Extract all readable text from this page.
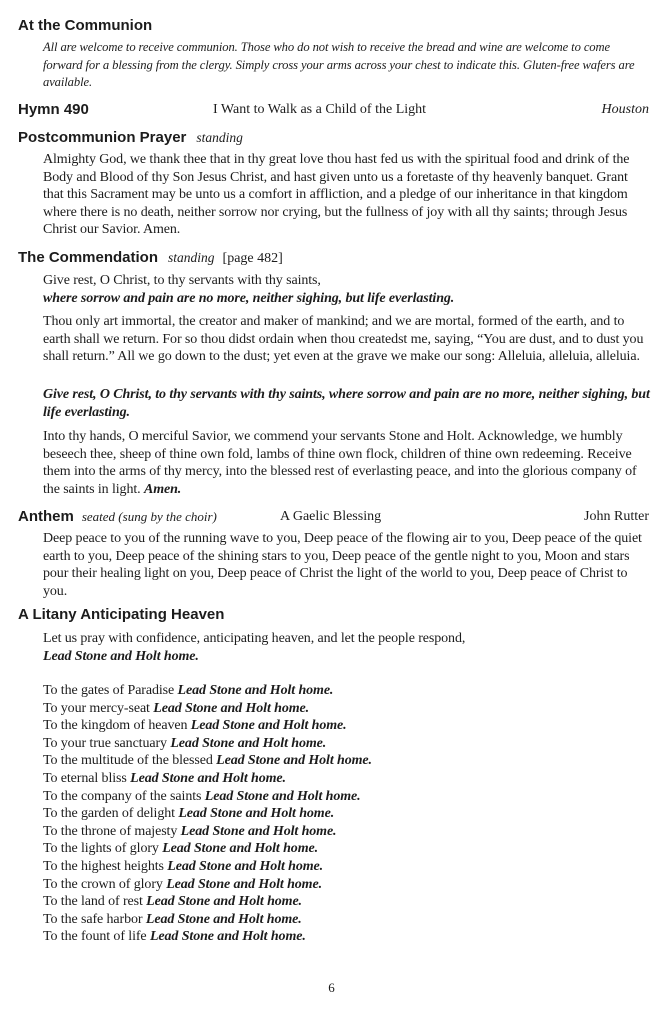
At the Communion
All are welcome to receive communion. Those who do not wish to receive the bread and wine are welcome to come forward for a blessing from the clergy. Simply cross your arms across your chest to indicate this. Gluten-free wafers are available.
Hymn 490	I Want to Walk as a Child of the Light	Houston
Postcommunion Prayer standing
Almighty God, we thank thee that in thy great love thou hast fed us with the spiritual food and drink of the Body and Blood of thy Son Jesus Christ, and hast given unto us a foretaste of thy heavenly banquet. Grant that this Sacrament may be unto us a comfort in affliction, and a pledge of our inheritance in that kingdom where there is no death, neither sorrow nor crying, but the fullness of joy with all thy saints; through Jesus Christ our Savior. Amen.
The Commendation standing [page 482]
Give rest, O Christ, to thy servants with thy saints,
where sorrow and pain are no more, neither sighing, but life everlasting.
Thou only art immortal, the creator and maker of mankind; and we are mortal, formed of the earth, and to earth shall we return. For so thou didst ordain when thou createdst me, saying, “You are dust, and to dust you shall return.” All we go down to the dust; yet even at the grave we make our song: Alleluia, alleluia, alleluia.
Give rest, O Christ, to thy servants with thy saints, where sorrow and pain are no more, neither sighing, but life everlasting.
Into thy hands, O merciful Savior, we commend your servants Stone and Holt. Acknowledge, we humbly beseech thee, sheep of thine own fold, lambs of thine own flock, children of thine own redeeming. Receive them into the arms of thy mercy, into the blessed rest of everlasting peace, and into the glorious company of the saints in light. Amen.
Anthem seated (sung by the choir)	A Gaelic Blessing	John Rutter
Deep peace to you of the running wave to you, Deep peace of the flowing air to you, Deep peace of the quiet earth to you, Deep peace of the shining stars to you, Deep peace of the gentle night to you, Moon and stars pour their healing light on you, Deep peace of Christ the light of the world to you, Deep peace of Christ to you.
A Litany Anticipating Heaven
Let us pray with confidence, anticipating heaven, and let the people respond,
Lead Stone and Holt home.

To the gates of Paradise Lead Stone and Holt home.

To your mercy-seat Lead Stone and Holt home.

To the kingdom of heaven Lead Stone and Holt home.

To your true sanctuary Lead Stone and Holt home.

To the multitude of the blessed Lead Stone and Holt home.

To eternal bliss Lead Stone and Holt home.

To the company of the saints Lead Stone and Holt home.

To the garden of delight Lead Stone and Holt home.

To the throne of majesty Lead Stone and Holt home.

To the lights of glory Lead Stone and Holt home.

To the highest heights Lead Stone and Holt home.

To the crown of glory Lead Stone and Holt home.

To the land of rest Lead Stone and Holt home.

To the safe harbor Lead Stone and Holt home.

To the fount of life Lead Stone and Holt home.

6
